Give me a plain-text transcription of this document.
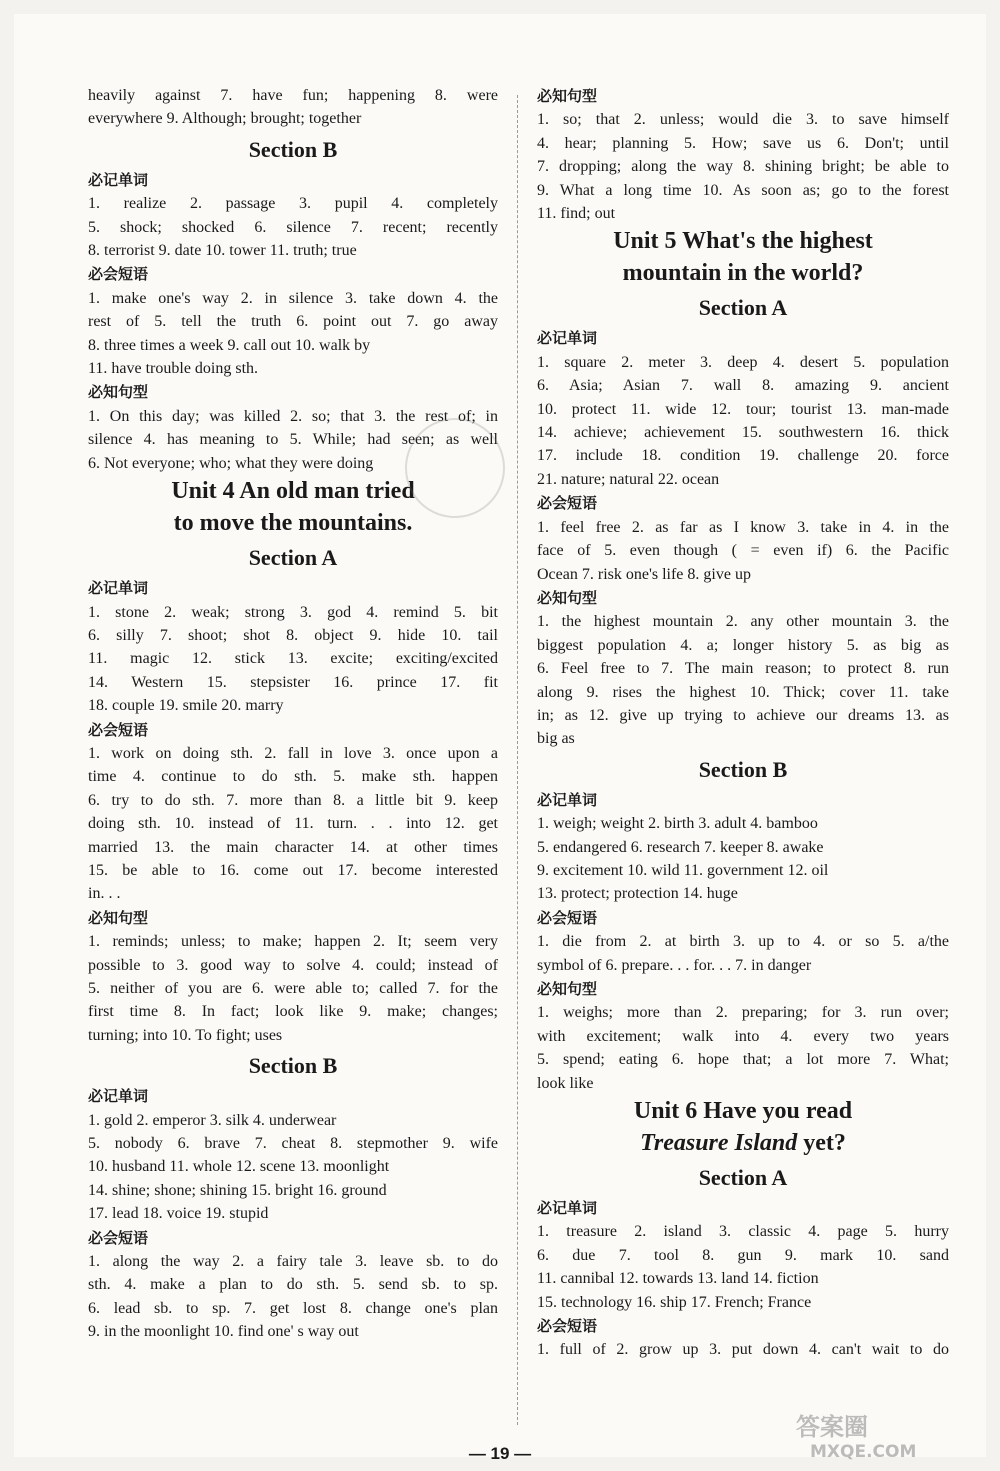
heavily against 7. have fun; happening 8. were
everywhere 9. Although; brought; together
Section B
必记单词
1. realize 2. passage 3. pupil 4. completely
5. shock; shocked 6. silence 7. recent; recently
8. terrorist 9. date 10. tower 11. truth; true
必会短语
1. make one's way 2. in silence 3. take down 4. the
rest of 5. tell the truth 6. point out 7. go away
8. three times a week 9. call out 10. walk by
11. have trouble doing sth.
必知句型
1. On this day; was killed 2. so; that 3. the rest of; in
silence 4. has meaning to 5. While; had seen; as well
6. Not everyone; who; what they were doing
Unit 4 An old man tried
to move the mountains.
Section A
必记单词
1. stone 2. weak; strong 3. god 4. remind 5. bit
6. silly 7. shoot; shot 8. object 9. hide 10. tail
11. magic 12. stick 13. excite; exciting/excited
14. Western 15. stepsister 16. prince 17. fit
18. couple 19. smile 20. marry
必会短语
1. work on doing sth. 2. fall in love 3. once upon a
time 4. continue to do sth. 5. make sth. happen
6. try to do sth. 7. more than 8. a little bit 9. keep
doing sth. 10. instead of 11. turn. . . into 12. get
married 13. the main character 14. at other times
15. be able to 16. come out 17. become interested
in. . .
必知句型
1. reminds; unless; to make; happen 2. It; seem very
possible to 3. good way to solve 4. could; instead of
5. neither of you are 6. were able to; called 7. for the
first time 8. In fact; look like 9. make; changes;
turning; into 10. To fight; uses
Section B
必记单词
1. gold 2. emperor 3. silk 4. underwear
5. nobody 6. brave 7. cheat 8. stepmother 9. wife
10. husband 11. whole 12. scene 13. moonlight
14. shine; shone; shining 15. bright 16. ground
17. lead 18. voice 19. stupid
必会短语
1. along the way 2. a fairy tale 3. leave sb. to do
sth. 4. make a plan to do sth. 5. send sb. to sp.
6. lead sb. to sp. 7. get lost 8. change one's plan
9. in the moonlight 10. find one' s way out
必知句型
1. so; that 2. unless; would die 3. to save himself
4. hear; planning 5. How; save us 6. Don't; until
7. dropping; along the way 8. shining bright; be able to
9. What a long time 10. As soon as; go to the forest
11. find; out
Unit 5 What's the highest
mountain in the world?
Section A
必记单词
1. square 2. meter 3. deep 4. desert 5. population
6. Asia; Asian 7. wall 8. amazing 9. ancient
10. protect 11. wide 12. tour; tourist 13. man-made
14. achieve; achievement 15. southwestern 16. thick
17. include 18. condition 19. challenge 20. force
21. nature; natural 22. ocean
必会短语
1. feel free 2. as far as I know 3. take in 4. in the
face of 5. even though ( = even if) 6. the Pacific
Ocean 7. risk one's life 8. give up
必知句型
1. the highest mountain 2. any other mountain 3. the
biggest population 4. a; longer history 5. as big as
6. Feel free to 7. The main reason; to protect 8. run
along 9. rises the highest 10. Thick; cover 11. take
in; as 12. give up trying to achieve our dreams 13. as
big as
Section B
必记单词
1. weigh; weight 2. birth 3. adult 4. bamboo
5. endangered 6. research 7. keeper 8. awake
9. excitement 10. wild 11. government 12. oil
13. protect; protection 14. huge
必会短语
1. die from 2. at birth 3. up to 4. or so 5. a/the
symbol of 6. prepare. . . for. . . 7. in danger
必知句型
1. weighs; more than 2. preparing; for 3. run over;
with excitement; walk into 4. every two years
5. spend; eating 6. hope that; a lot more 7. What;
look like
Unit 6 Have you read
Treasure Island yet?
Section A
必记单词
1. treasure 2. island 3. classic 4. page 5. hurry
6. due 7. tool 8. gun 9. mark 10. sand
11. cannibal 12. towards 13. land 14. fiction
15. technology 16. ship 17. French; France
必会短语
1. full of 2. grow up 3. put down 4. can't wait to do
— 19 —
答案圈
MXQE.COM
